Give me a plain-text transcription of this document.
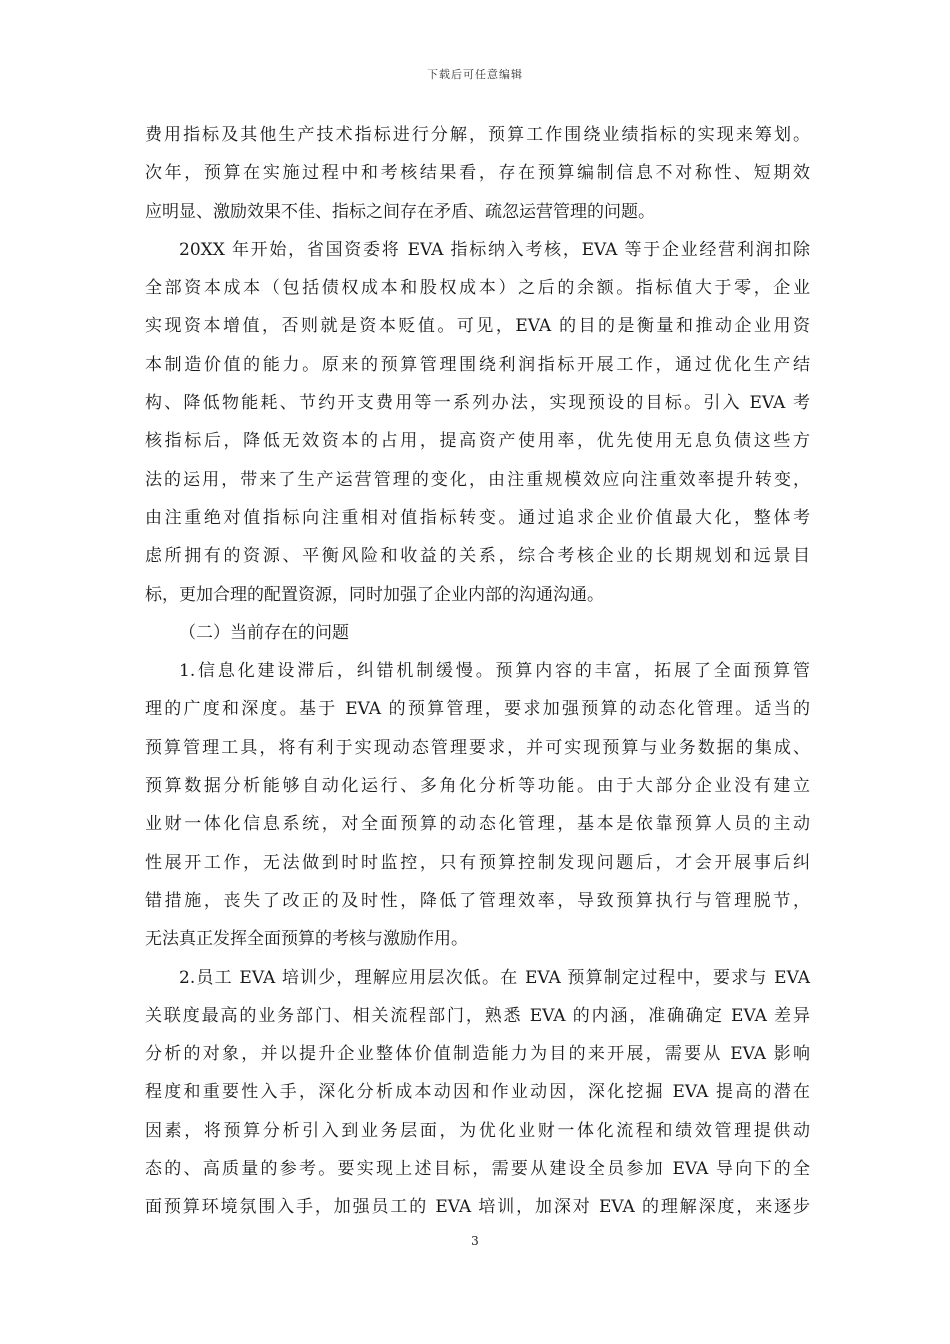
下载后可任意编辑
费用指标及其他生产技术指标进行分解，预算工作围绕业绩指标的实现来筹划。
次年，预算在实施过程中和考核结果看，存在预算编制信息不对称性、短期效
应明显、激励效果不佳、指标之间存在矛盾、疏忽运营管理的问题。
20XX 年开始，省国资委将 EVA 指标纳入考核，EVA 等于企业经营利润扣除
全部资本成本（包括债权成本和股权成本）之后的余额。指标值大于零，企业
实现资本增值，否则就是资本贬值。可见，EVA 的目的是衡量和推动企业用资
本制造价值的能力。原来的预算管理围绕利润指标开展工作，通过优化生产结
构、降低物能耗、节约开支费用等一系列办法，实现预设的目标。引入 EVA 考
核指标后，降低无效资本的占用，提高资产使用率，优先使用无息负债这些方
法的运用，带来了生产运营管理的变化，由注重规模效应向注重效率提升转变，
由注重绝对值指标向注重相对值指标转变。通过追求企业价值最大化，整体考
虑所拥有的资源、平衡风险和收益的关系，综合考核企业的长期规划和远景目
标，更加合理的配置资源，同时加强了企业内部的沟通沟通。
（二）当前存在的问题
1.信息化建设滞后，纠错机制缓慢。预算内容的丰富，拓展了全面预算管
理的广度和深度。基于 EVA 的预算管理，要求加强预算的动态化管理。适当的
预算管理工具，将有利于实现动态管理要求，并可实现预算与业务数据的集成、
预算数据分析能够自动化运行、多角化分析等功能。由于大部分企业没有建立
业财一体化信息系统，对全面预算的动态化管理，基本是依靠预算人员的主动
性展开工作，无法做到时时监控，只有预算控制发现问题后，才会开展事后纠
错措施，丧失了改正的及时性，降低了管理效率，导致预算执行与管理脱节，
无法真正发挥全面预算的考核与激励作用。
2.员工 EVA 培训少，理解应用层次低。在 EVA 预算制定过程中，要求与 EVA
关联度最高的业务部门、相关流程部门，熟悉 EVA 的内涵，准确确定 EVA 差异
分析的对象，并以提升企业整体价值制造能力为目的来开展，需要从 EVA 影响
程度和重要性入手，深化分析成本动因和作业动因，深化挖掘 EVA 提高的潜在
因素，将预算分析引入到业务层面，为优化业财一体化流程和绩效管理提供动
态的、高质量的参考。要实现上述目标，需要从建设全员参加 EVA 导向下的全
面预算环境氛围入手，加强员工的 EVA 培训，加深对 EVA 的理解深度，来逐步
3
